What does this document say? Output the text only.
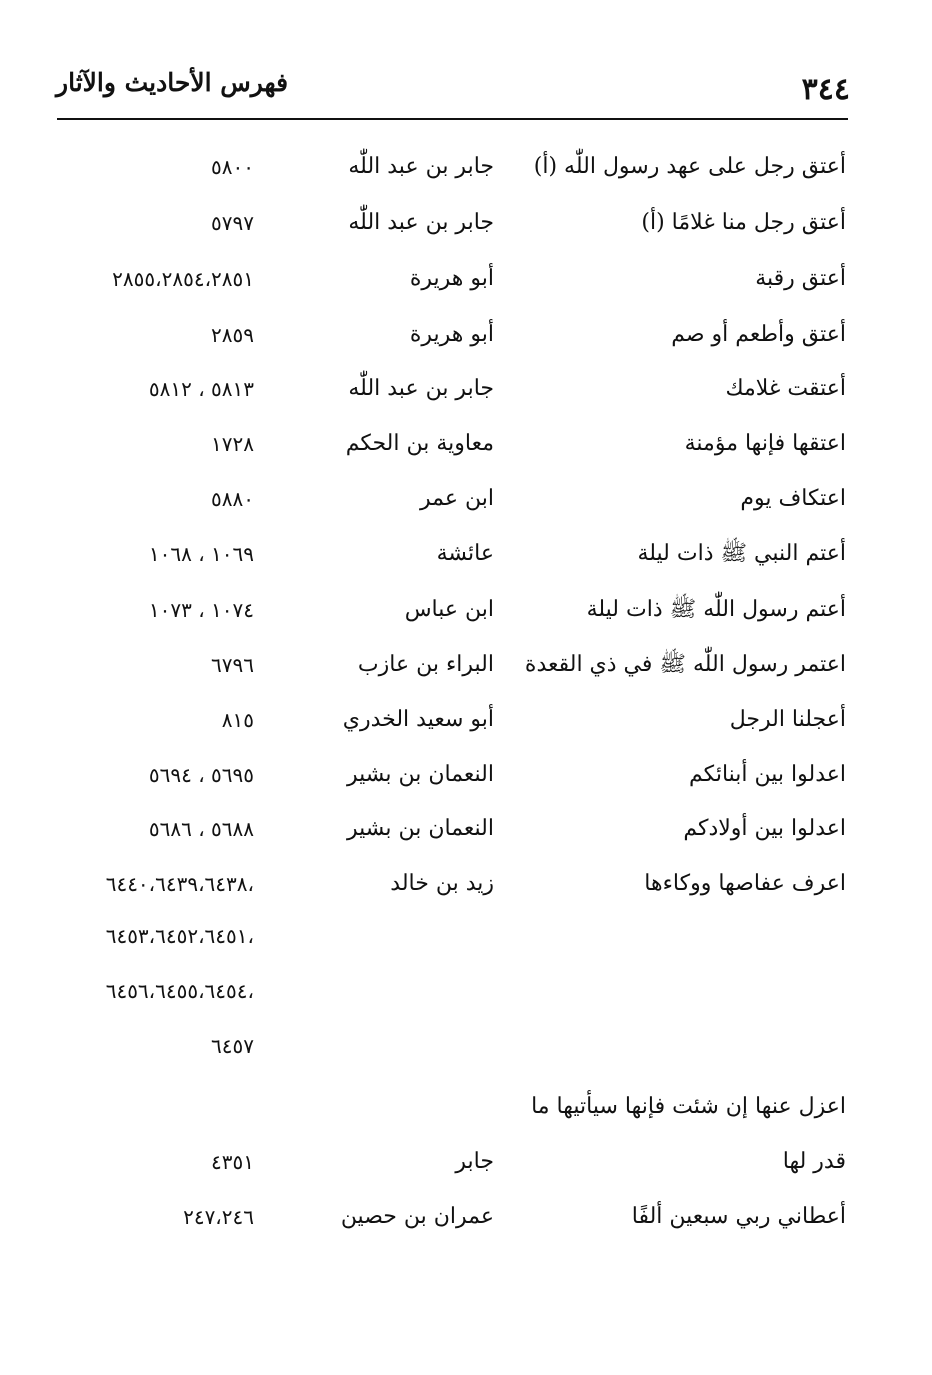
٣٤٤
فهرس الأحاديث والآثار
أعتق رجل على عهد رسول اللّٰه (أ)
جابر بن عبد اللّٰه
٥٨٠٠
أعتق رجل منا غلامًا (أ)
جابر بن عبد اللّٰه
٥٧٩٧
أعتق رقبة
أبو هريرة
٢٨٥٥،٢٨٥٤،٢٨٥١
أعتق وأطعم أو صم
أبو هريرة
٢٨٥٩
أعتقت غلامك
جابر بن عبد اللّٰه
٥٨١٣ ، ٥٨١٢
اعتقها فإنها مؤمنة
معاوية بن الحكم
١٧٢٨
اعتكاف يوم
ابن عمر
٥٨٨٠
أعتم النبي ﷺ ذات ليلة
عائشة
١٠٦٩ ، ١٠٦٨
أعتم رسول اللّٰه ﷺ ذات ليلة
ابن عباس
١٠٧٤ ، ١٠٧٣
اعتمر رسول اللّٰه ﷺ في ذي القعدة
البراء بن عازب
٦٧٩٦
أعجلنا الرجل
أبو سعيد الخدري
٨١٥
اعدلوا بين أبنائكم
النعمان بن بشير
٥٦٩٥ ، ٥٦٩٤
اعدلوا بين أولادكم
النعمان بن بشير
٥٦٨٨ ، ٥٦٨٦
اعرف عفاصها ووكاءها
زيد بن خالد
،٦٤٤٠،٦٤٣٩،٦٤٣٨
،٦٤٥٣،٦٤٥٢،٦٤٥١
،٦٤٥٦،٦٤٥٥،٦٤٥٤
٦٤٥٧
اعزل عنها إن شئت فإنها سيأتيها ما
قدر لها
جابر
٤٣٥١
أعطاني ربي سبعين ألفًا
عمران بن حصين
٢٤٧،٢٤٦
